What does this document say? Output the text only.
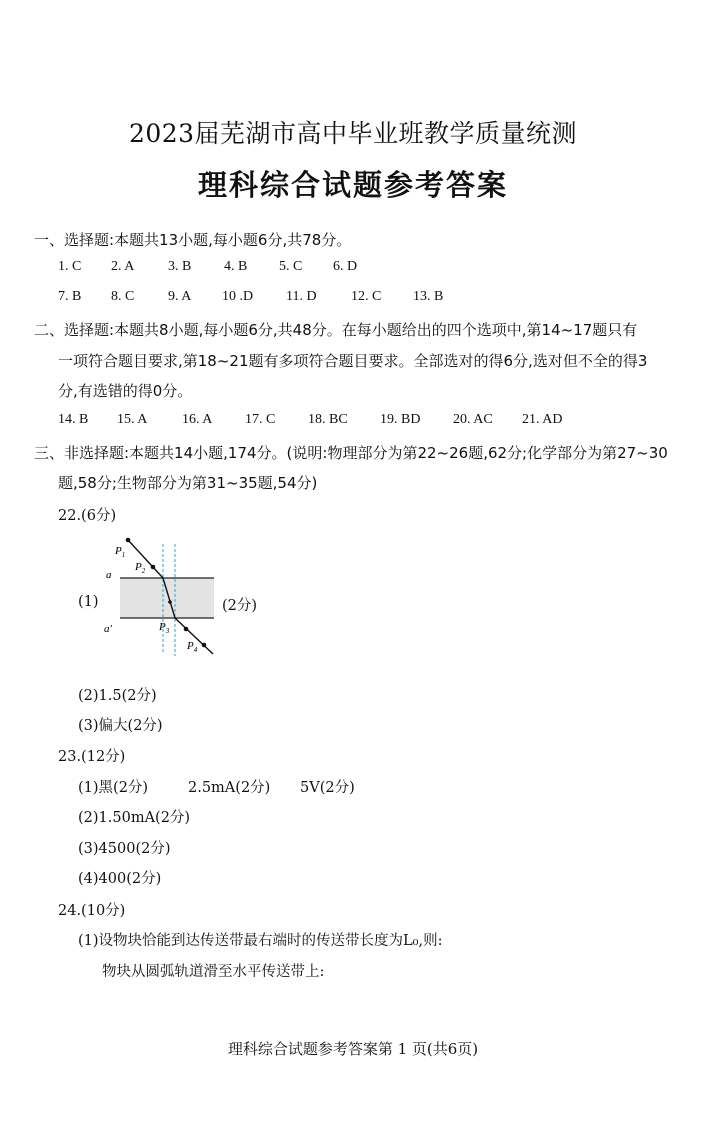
2023届芜湖市高中毕业班教学质量统测
理科综合试题参考答案
一、选择题:本题共13小题,每小题6分,共78分。
1. C 2. A 3. B 4. B 5. C 6. D
7. B 8. C 9. A 10 .D 11. D 12. C 13. B
二、选择题:本题共8小题,每小题6分,共48分。在每小题给出的四个选项中,第14~17题只有
一项符合题目要求,第18~21题有多项符合题目要求。全部选对的得6分,选对但不全的得3
分,有选错的得0分。
14. B 15. A 16. A 17. C 18. BC 19. BD 20. AC 21. AD
三、非选择题:本题共14小题,174分。(说明:物理部分为第22~26题,62分;化学部分为第27~30
题,58分;生物部分为第31~35题,54分)
22.(6分)
(1)	(2分)
$P_1$
$P_2$
$P_3$
$P_4$
a
a′
(2)1.5(2分)
(3)偏大(2分)
23.(12分)
(1)黑(2分)	2.5mA(2分) 5V(2分)
(2)1.50mA(2分)
(3)4500(2分)
(4)400(2分)
24.(10分)
(1)设物块恰能到达传送带最右端时的传送带长度为L₀,则:
物块从圆弧轨道滑至水平传送带上:
理科综合试题参考答案第 1 页(共6页)
